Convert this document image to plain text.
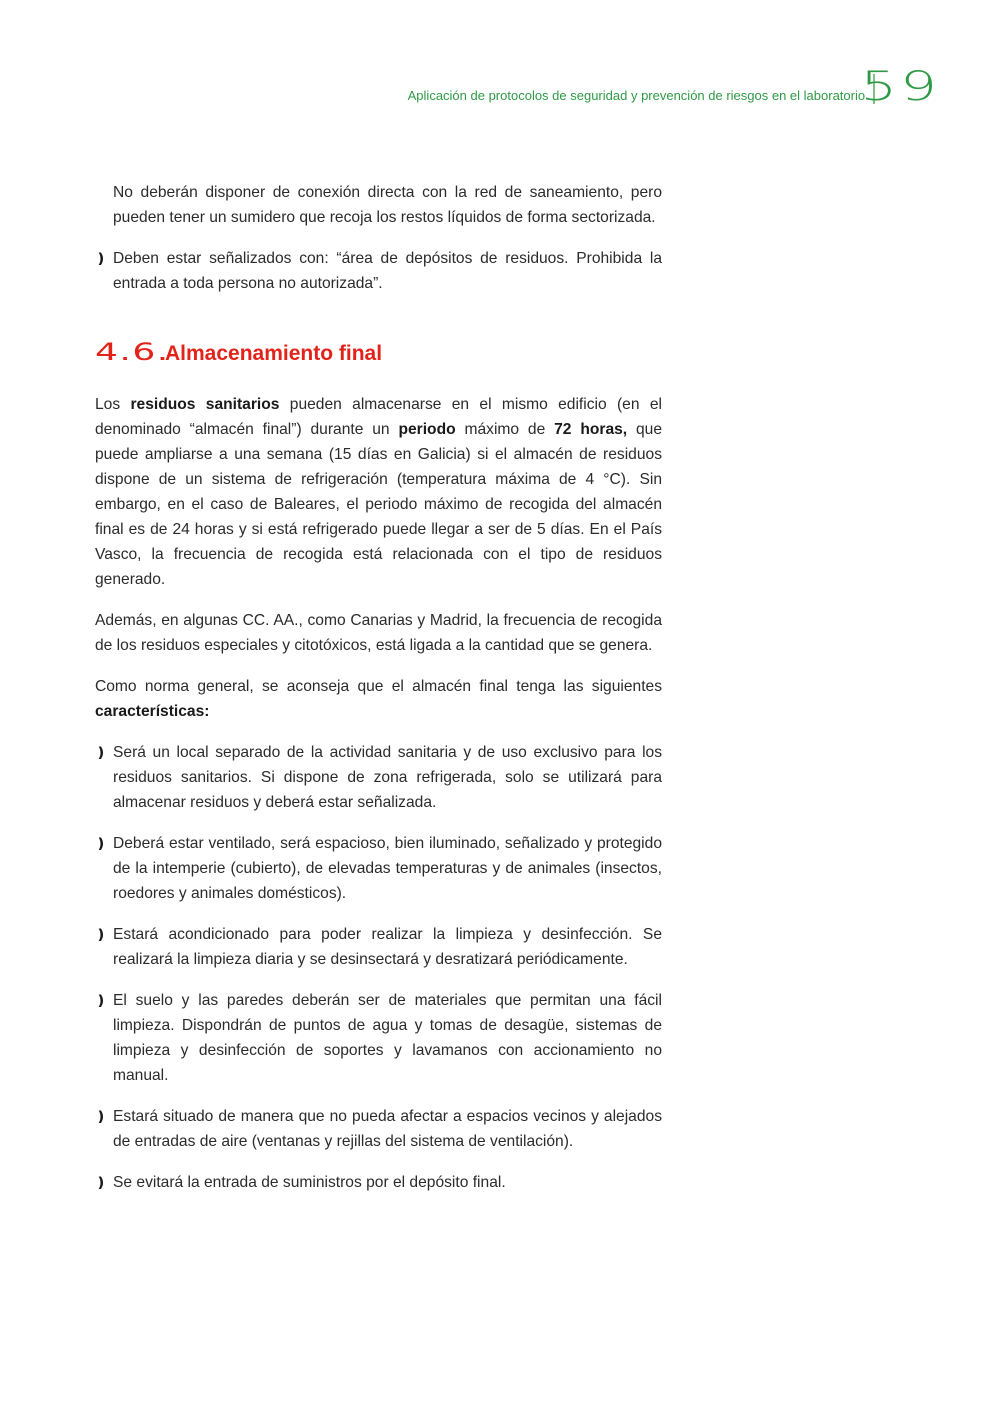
Aplicación de protocolos de seguridad y prevención de riesgos en el laboratorio
59

No deberán disponer de conexión directa con la red de saneamiento, pero pueden tener un sumidero que recoja los restos líquidos de forma sectorizada.

❫ Deben estar señalizados con: “área de depósitos de residuos. Prohibida la entrada a toda persona no autorizada”.
4.6.
Almacenamiento final

Los residuos sanitarios pueden almacenarse en el mismo edificio (en el denominado “almacén final”) durante un periodo máximo de 72 horas, que puede ampliarse a una semana (15 días en Galicia) si el almacén de residuos dispone de un sistema de refrigeración (temperatura máxima de 4 °C). Sin embargo, en el caso de Baleares, el periodo máximo de recogida del almacén final es de 24 horas y si está refrigerado puede llegar a ser de 5 días. En el País Vasco, la frecuencia de recogida está relacionada con el tipo de residuos generado.

Además, en algunas CC. AA., como Canarias y Madrid, la frecuencia de recogida de los residuos especiales y citotóxicos, está ligada a la cantidad que se genera.

Como norma general, se aconseja que el almacén final tenga las siguientes características:

❫ Será un local separado de la actividad sanitaria y de uso exclusivo para los residuos sanitarios. Si dispone de zona refrigerada, solo se utilizará para almacenar residuos y deberá estar señalizada.
❫ Deberá estar ventilado, será espacioso, bien iluminado, señalizado y protegido de la intemperie (cubierto), de elevadas temperaturas y de animales (insectos, roedores y animales domésticos).
❫ Estará acondicionado para poder realizar la limpieza y desinfección. Se realizará la limpieza diaria y se desinsectará y desratizará periódicamente.
❫ El suelo y las paredes deberán ser de materiales que permitan una fácil limpieza. Dispondrán de puntos de agua y tomas de desagüe, sistemas de limpieza y desinfección de soportes y lavamanos con accionamiento no manual.
❫ Estará situado de manera que no pueda afectar a espacios vecinos y alejados de entradas de aire (ventanas y rejillas del sistema de ventilación).
❫ Se evitará la entrada de suministros por el depósito final.
